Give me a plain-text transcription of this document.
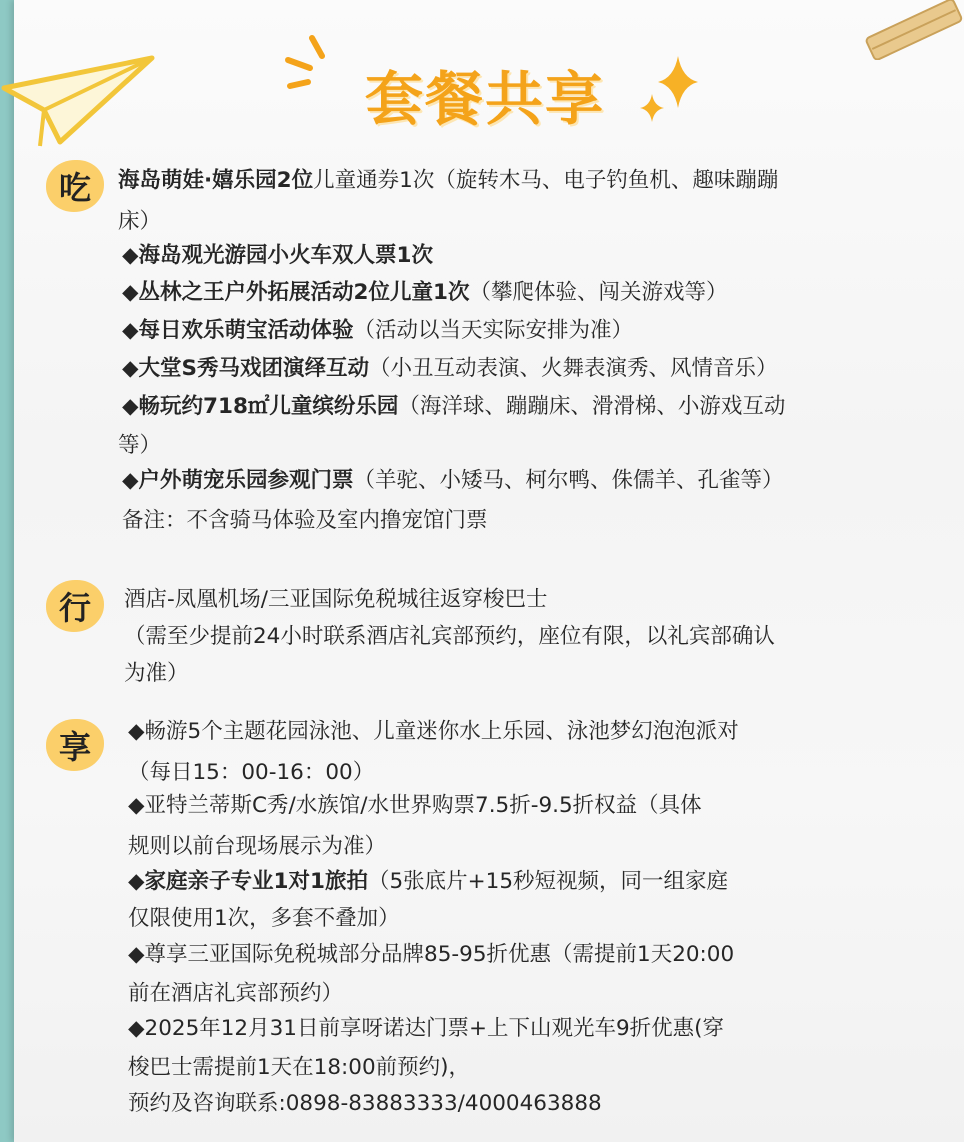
套餐共享
吃	海岛萌娃·嬉乐园2位儿童通券1次（旋转木马、电子钓鱼机、趣味蹦蹦
床）
◆海岛观光游园小火车双人票1次
◆丛林之王户外拓展活动2位儿童1次（攀爬体验、闯关游戏等）
◆每日欢乐萌宝活动体验（活动以当天实际安排为准）
◆大堂S秀马戏团演绎互动（小丑互动表演、火舞表演秀、风情音乐）
◆畅玩约718㎡儿童缤纷乐园（海洋球、蹦蹦床、滑滑梯、小游戏互动
等）
◆户外萌宠乐园参观门票（羊驼、小矮马、柯尔鸭、侏儒羊、孔雀等）
备注：不含骑马体验及室内撸宠馆门票
行	酒店-凤凰机场/三亚国际免税城往返穿梭巴士
（需至少提前24小时联系酒店礼宾部预约，座位有限，以礼宾部确认
为准）
享	◆畅游5个主题花园泳池、儿童迷你水上乐园、泳池梦幻泡泡派对
（每日15：00-16：00）
◆亚特兰蒂斯C秀/水族馆/水世界购票7.5折-9.5折权益（具体
规则以前台现场展示为准）
◆家庭亲子专业1对1旅拍（5张底片+15秒短视频，同一组家庭
仅限使用1次，多套不叠加）
◆尊享三亚国际免税城部分品牌85-95折优惠（需提前1天20:00
前在酒店礼宾部预约）
◆2025年12月31日前享呀诺达门票+上下山观光车9折优惠(穿
梭巴士需提前1天在18:00前预约)，
预约及咨询联系:0898-83883333/4000463888
